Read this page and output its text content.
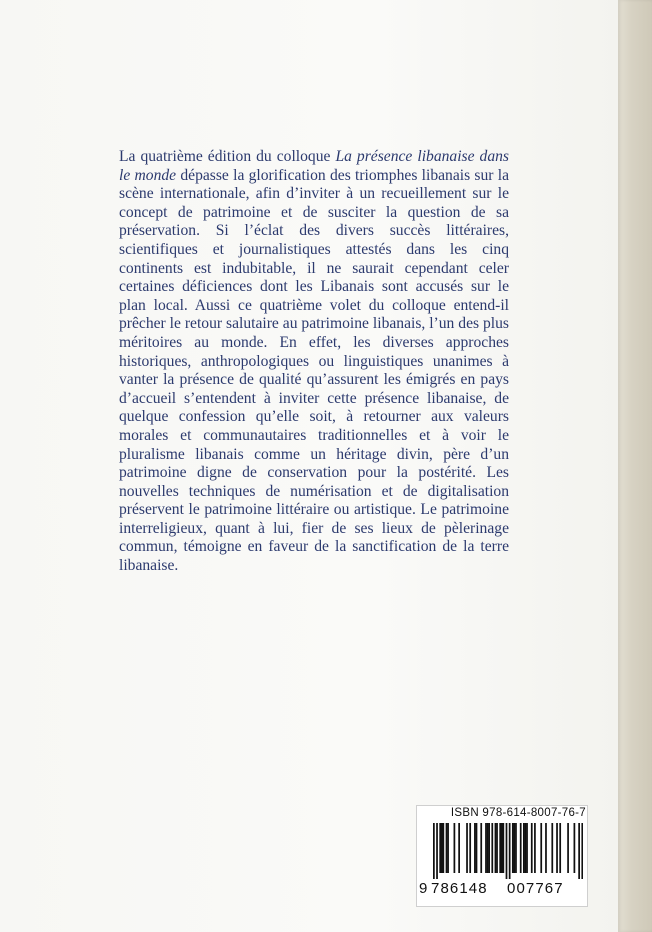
La quatrième édition du colloque La présence libanaise dans le monde dépasse la glorification des triomphes libanais sur la scène internationale, afin d’inviter à un recueillement sur le concept de patrimoine et de susciter la question de sa préservation. Si l’éclat des divers succès littéraires, scientifiques et journalistiques attestés dans les cinq continents est indubitable, il ne saurait cependant celer certaines déficiences dont les Libanais sont accusés sur le plan local. Aussi ce quatrième volet du colloque entend-il prêcher le retour salutaire au patrimoine libanais, l’un des plus méritoires au monde. En effet, les diverses approches historiques, anthropologiques ou linguistiques unanimes à vanter la présence de qualité qu’assurent les émigrés en pays d’accueil s’entendent à inviter cette présence libanaise, de quelque confession qu’elle soit, à retourner aux valeurs morales et communautaires traditionnelles et à voir le pluralisme libanais comme un héritage divin, père d’un patrimoine digne de conservation pour la postérité. Les nouvelles techniques de numérisation et de digitalisation préservent le patrimoine littéraire ou artistique. Le patrimoine interreligieux, quant à lui, fier de ses lieux de pèlerinage commun, témoigne en faveur de la sanctification de la terre libanaise.

ISBN 978-614-8007-76-7
9 786148 007767
